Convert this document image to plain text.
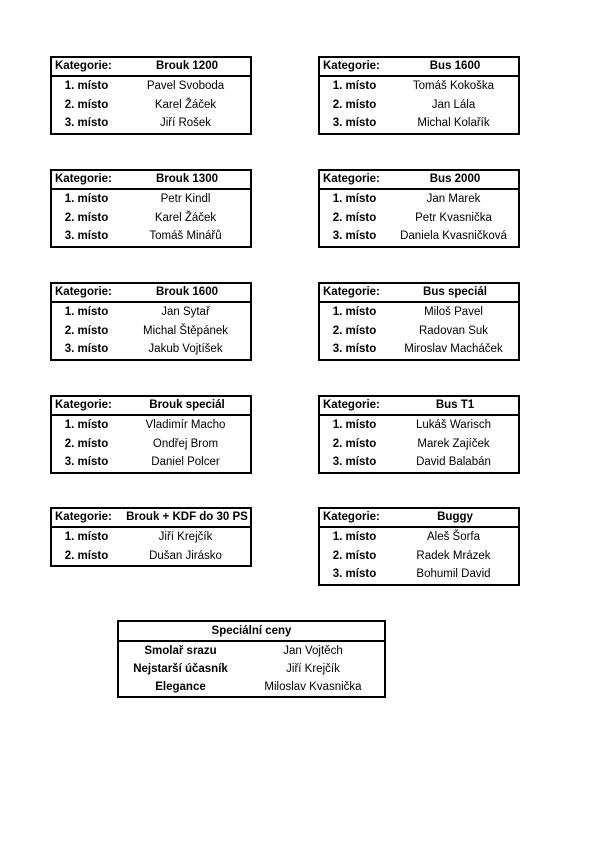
Kategorie:	Brouk 1200
1. místo	Pavel Svoboda
2. místo	Karel Žáček
3. místo	Jiří Rošek
Kategorie:	Bus 1600
1. místo	Tomáš Kokoška
2. místo	Jan Lála
3. místo	Michal Kolařík
Kategorie:	Brouk 1300
1. místo	Petr Kindl
2. místo	Karel Žáček
3. místo	Tomáš Minářů
Kategorie:	Bus 2000
1. místo	Jan Marek
2. místo	Petr Kvasnička
3. místo	Daniela Kvasničková
Kategorie:	Brouk 1600
1. místo	Jan Sytař
2. místo	Michal Štěpánek
3. místo	Jakub Vojtíšek
Kategorie:	Bus speciál
1. místo	Miloš Pavel
2. místo	Radovan Suk
3. místo	Miroslav Macháček
Kategorie:	Brouk speciál
1. místo	Vladimír Macho
2. místo	Ondřej Brom
3. místo	Daniel Polcer
Kategorie:	Bus T1
1. místo	Lukáš Warisch
2. místo	Marek Zajíček
3. místo	David Balabán
Kategorie:	Brouk + KDF do 30 PS
1. místo	Jiří Krejčík
2. místo	Dušan Jirásko
Kategorie:	Buggy
1. místo	Aleš Šorfa
2. místo	Radek Mrázek
3. místo	Bohumil David
Speciální ceny
Smolař srazu	Jan Vojtěch
Nejstarší účasník	Jiří Krejčík
Elegance	Miloslav Kvasnička
